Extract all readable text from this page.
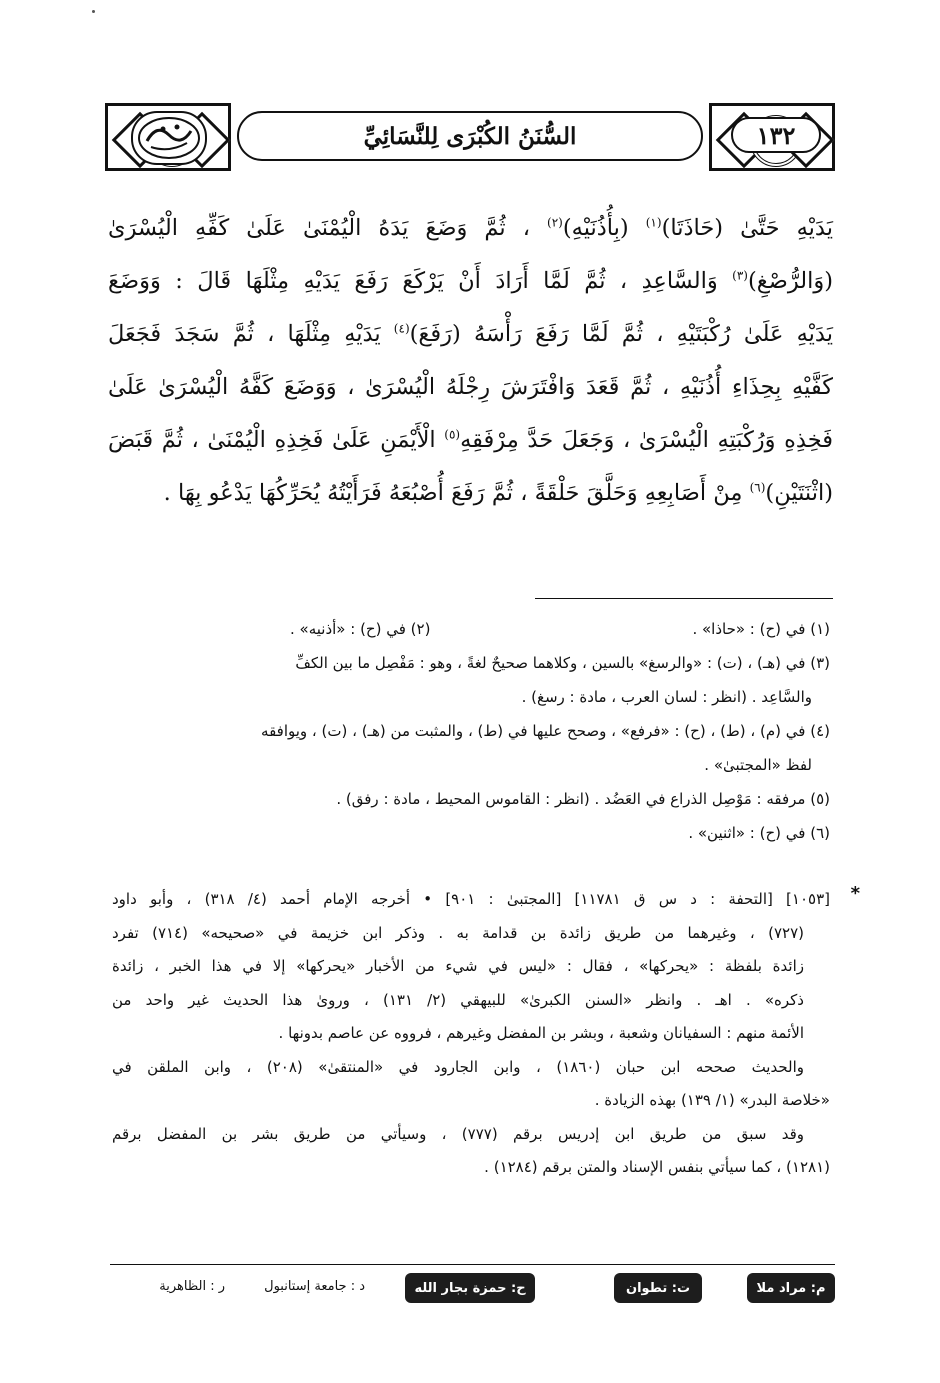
السُّنَنُ الكُبْرَى لِلنَّسَائِيِّ	١٣٢
يَدَيْهِ حَتَّىٰ (حَاذَتَا)$^{(١)}$ (بِأُذُنَيْهِ)$^{(٢)}$ ، ثُمَّ وَضَعَ يَدَهُ الْيُمْنَىٰ عَلَىٰ كَفِّهِ الْيُسْرَىٰ
(وَالرُّصْغِ)$^{(٣)}$ وَالسَّاعِدِ ، ثُمَّ لَمَّا أَرَادَ أَنْ يَرْكَعَ رَفَعَ يَدَيْهِ مِثْلَهَا قَالَ : وَوَضَعَ
يَدَيْهِ عَلَىٰ رُكْبَتَيْهِ ، ثُمَّ لَمَّا رَفَعَ رَأْسَهُ (رَفَعَ)$^{(٤)}$ يَدَيْهِ مِثْلَهَا ، ثُمَّ سَجَدَ فَجَعَلَ
كَفَّيْهِ بِحِذَاءِ أُذُنَيْهِ ، ثُمَّ قَعَدَ وَافْتَرَشَ رِجْلَهُ الْيُسْرَىٰ ، وَوَضَعَ كَفَّهُ الْيُسْرَىٰ عَلَىٰ
فَخِذِهِ وَرُكْبَتِهِ الْيُسْرَىٰ ، وَجَعَلَ حَدَّ مِرْفَقِهِ$^{(٥)}$ الْأَيْمَنِ عَلَىٰ فَخِذِهِ الْيُمْنَىٰ ، ثُمَّ قَبَضَ
(اثْنَتَيْنِ)$^{(٦)}$ مِنْ أَصَابِعِهِ وَحَلَّقَ حَلْقَةً ، ثُمَّ رَفَعَ أُصْبُعَهُ فَرَأَيْتُهُ يُحَرِّكُهَا يَدْعُو بِهَا .
(١) في (ح) : «حاذا» .
(٢) في (ح) : «أذنيه» .
(٣) في (هـ) ، (ت) : «والرسغ» بالسين ، وكلاهما صحيحٌ لغةً ، وهو : مَفْصِل ما بين الكفِّ
والسَّاعِد . (انظر : لسان العرب ، مادة : رسغ) .
(٤) في (م) ، (ط) ، (ح) : «فرفع» ، وصحح عليها في (ط) ، والمثبت من (هـ) ، (ت) ، ويوافقه
لفظ «المجتبىٰ» .
(٥) مرفقه : مَوْصِل الذراع في العَضُد . (انظر : القاموس المحيط ، مادة : رفق) .
(٦) في (ح) : «اثنين» .
*
[١٠٥٣] [التحفة : د س ق ١١٧٨١] [المجتبىٰ : ٩٠١] • أخرجه الإمام أحمد (٤/ ٣١٨) ، وأبو داود
(٧٢٧) ، وغيرهما من طريق زائدة بن قدامة به . وذكر ابن خزيمة في «صحيحه» (٧١٤) تفرد
زائدة بلفظة : «يحركها» ، فقال : «ليس في شيء من الأخبار «يحركها» إلا في هذا الخبر ، زائدة
ذكره» . اهـ . وانظر «السنن الكبرىٰ» للبيهقي (٢/ ١٣١) ، وروىٰ هذا الحديث غير واحد من
الأئمة منهم : السفيانان وشعبة ، وبشر بن المفضل وغيرهم ، فرووه عن عاصم بدونها .
والحديث صححه ابن حبان (١٨٦٠) ، وابن الجارود في «المنتقىٰ» (٢٠٨) ، وابن الملقن في
«خلاصة البدر» (١/ ١٣٩) بهذه الزيادة .
وقد سبق من طريق ابن إدريس برقم (٧٧٧) ، وسيأتي من طريق بشر بن المفضل برقم
(١٢٨١) ، كما سيأتي بنفس الإسناد والمتن برقم (١٢٨٤) .
م: مراد ملا
ت: تطوان
ح: حمزة بجار الله
د : جامعة إستانبول
ر : الظاهرية
